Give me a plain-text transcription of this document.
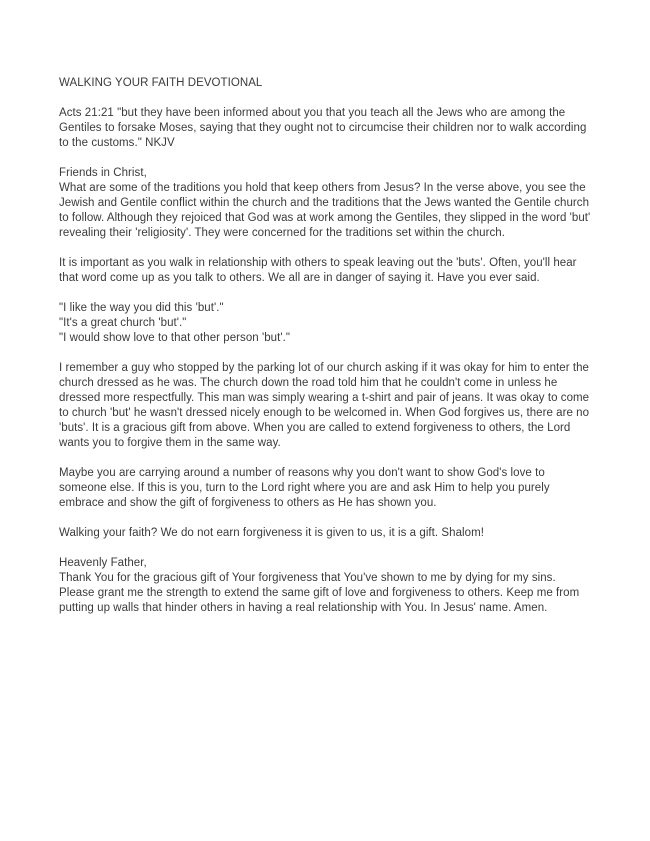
WALKING YOUR FAITH DEVOTIONAL

Acts 21:21 "but they have been informed about you that you teach all the Jews who are among the Gentiles to forsake Moses, saying that they ought not to circumcise their children nor to walk according to the customs." NKJV

Friends in Christ,
What are some of the traditions you hold that keep others from Jesus? In the verse above, you see the Jewish and Gentile conflict within the church and the traditions that the Jews wanted the Gentile church to follow. Although they rejoiced that God was at work among the Gentiles, they slipped in the word 'but' revealing their 'religiosity'. They were concerned for the traditions set within the church.

It is important as you walk in relationship with others to speak leaving out the 'buts'. Often, you'll hear that word come up as you talk to others. We all are in danger of saying it. Have you ever said.

"I like the way you did this 'but'."
"It's a great church 'but'."
"I would show love to that other person 'but'."

I remember a guy who stopped by the parking lot of our church asking if it was okay for him to enter the church dressed as he was. The church down the road told him that he couldn't come in unless he dressed more respectfully. This man was simply wearing a t-shirt and pair of jeans. It was okay to come to church 'but' he wasn't dressed nicely enough to be welcomed in. When God forgives us, there are no 'buts'. It is a gracious gift from above. When you are called to extend forgiveness to others, the Lord wants you to forgive them in the same way.

Maybe you are carrying around a number of reasons why you don't want to show God's love to someone else. If this is you, turn to the Lord right where you are and ask Him to help you purely embrace and show the gift of forgiveness to others as He has shown you.

Walking your faith? We do not earn forgiveness it is given to us, it is a gift. Shalom!

Heavenly Father,
Thank You for the gracious gift of Your forgiveness that You've shown to me by dying for my sins. Please grant me the strength to extend the same gift of love and forgiveness to others. Keep me from putting up walls that hinder others in having a real relationship with You. In Jesus' name. Amen.
